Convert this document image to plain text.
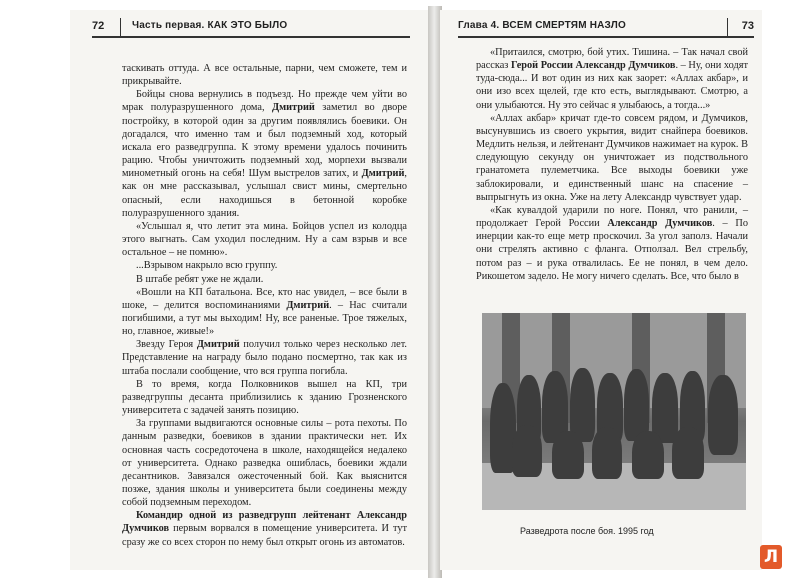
72	Часть первая. КАК ЭТО БЫЛО

таскивать оттуда. А все остальные, парни, чем сможете, тем и прикрывайте.

Бойцы снова вернулись в подъезд. Но прежде чем уйти во мрак полуразрушенного дома, Дмитрий заметил во дворе постройку, в которой один за другим появлялись боевики. Он догадался, что именно там и был подземный ход, который искала его разведгруппа. К этому времени удалось починить рацию. Чтобы уничтожить подземный ход, морпехи вызвали минометный огонь на себя! Шум выстрелов затих, и Дмитрий, как он мне рассказывал, услышал свист мины, смертельно опасный, если находишься в бетонной коробке полуразрушенного здания.

«Услышал я, что летит эта мина. Бойцов успел из колодца этого выгнать. Сам уходил последним. Ну а сам взрыв и все остальное – не помню».

...Взрывом накрыло всю группу.

В штабе ребят уже не ждали.

«Вошли на КП батальона. Все, кто нас увидел, – все были в шоке, – делится воспоминаниями Дмитрий. – Нас считали погибшими, а тут мы выходим! Ну, все раненые. Трое тяжелых, но, главное, живые!»

Звезду Героя Дмитрий получил только через несколько лет. Представление на награду было подано посмертно, так как из штаба послали сообщение, что вся группа погибла.

В то время, когда Полковников вышел на КП, три разведгруппы десанта приблизились к зданию Грозненского университета с задачей занять позицию.

За группами выдвигаются основные силы – рота пехоты. По данным разведки, боевиков в здании практически нет. Их основная часть сосредоточена в школе, находящейся недалеко от университета. Однако разведка ошиблась, боевики ждали десантников. Завязался ожесточенный бой. Как выяснится позже, здания школы и университета были соединены между собой подземным переходом.

Командир одной из разведгрупп лейтенант Александр Думчиков первым ворвался в помещение университета. И тут сразу же со всех сторон по нему был открыт огонь из автоматов.

Глава 4. ВСЕМ СМЕРТЯМ НАЗЛО	73

«Притаился, смотрю, бой утих. Тишина. – Так начал свой рассказ Герой России Александр Думчиков. – Ну, они ходят туда-сюда... И вот один из них как заорет: «Аллах акбар», и они изо всех щелей, где кто есть, выглядывают. Смотрю, а они улыбаются. Ну это сейчас я улыбаюсь, а тогда...»

«Аллах акбар» кричат где-то совсем рядом, и Думчиков, высунувшись из своего укрытия, видит снайпера боевиков. Медлить нельзя, и лейтенант Думчиков нажимает на курок. В следующую секунду он уничтожает из подствольного гранатомета пулеметчика. Все выходы боевики уже заблокировали, и единственный шанс на спасение – выпрыгнуть из окна. Уже на лету Александр чувствует удар.

«Как кувалдой ударили по ноге. Понял, что ранили, – продолжает Герой России Александр Думчиков. – По инерции как-то еще метр проскочил. За угол заполз. Начали они стрелять активно с фланга. Отползал. Вел стрельбу, потом раз – и рука отвалилась. Ее не понял, в чем дело. Рикошетом задело. Не могу ничего сделать. Все, что было в

Разведрота после боя. 1995 год
Л
